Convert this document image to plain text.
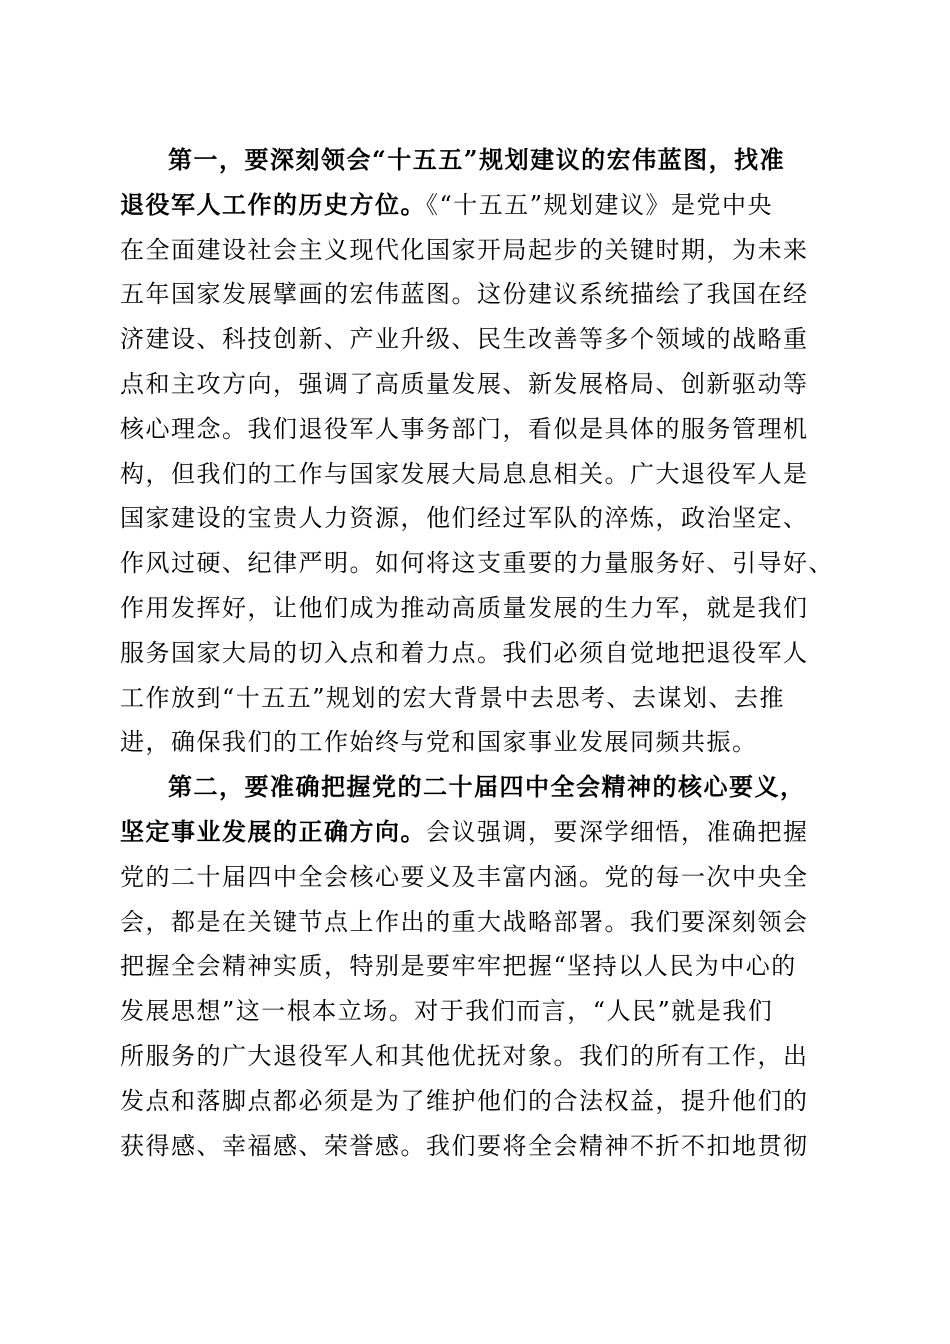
第一，要深刻领会“十五五”规划建议的宏伟蓝图，找准
退役军人工作的历史方位。《“十五五”规划建议》是党中央
在全面建设社会主义现代化国家开局起步的关键时期，为未来
五年国家发展擘画的宏伟蓝图。这份建议系统描绘了我国在经
济建设、科技创新、产业升级、民生改善等多个领域的战略重
点和主攻方向，强调了高质量发展、新发展格局、创新驱动等
核心理念。我们退役军人事务部门，看似是具体的服务管理机
构，但我们的工作与国家发展大局息息相关。广大退役军人是
国家建设的宝贵人力资源，他们经过军队的淬炼，政治坚定、
作风过硬、纪律严明。如何将这支重要的力量服务好、引导好、
作用发挥好，让他们成为推动高质量发展的生力军，就是我们
服务国家大局的切入点和着力点。我们必须自觉地把退役军人
工作放到“十五五”规划的宏大背景中去思考、去谋划、去推
进，确保我们的工作始终与党和国家事业发展同频共振。
第二，要准确把握党的二十届四中全会精神的核心要义，
坚定事业发展的正确方向。会议强调，要深学细悟，准确把握
党的二十届四中全会核心要义及丰富内涵。党的每一次中央全
会，都是在关键节点上作出的重大战略部署。我们要深刻领会
把握全会精神实质，特别是要牢牢把握“坚持以人民为中心的
发展思想”这一根本立场。对于我们而言，“人民”就是我们
所服务的广大退役军人和其他优抚对象。我们的所有工作，出
发点和落脚点都必须是为了维护他们的合法权益，提升他们的
获得感、幸福感、荣誉感。我们要将全会精神不折不扣地贯彻
